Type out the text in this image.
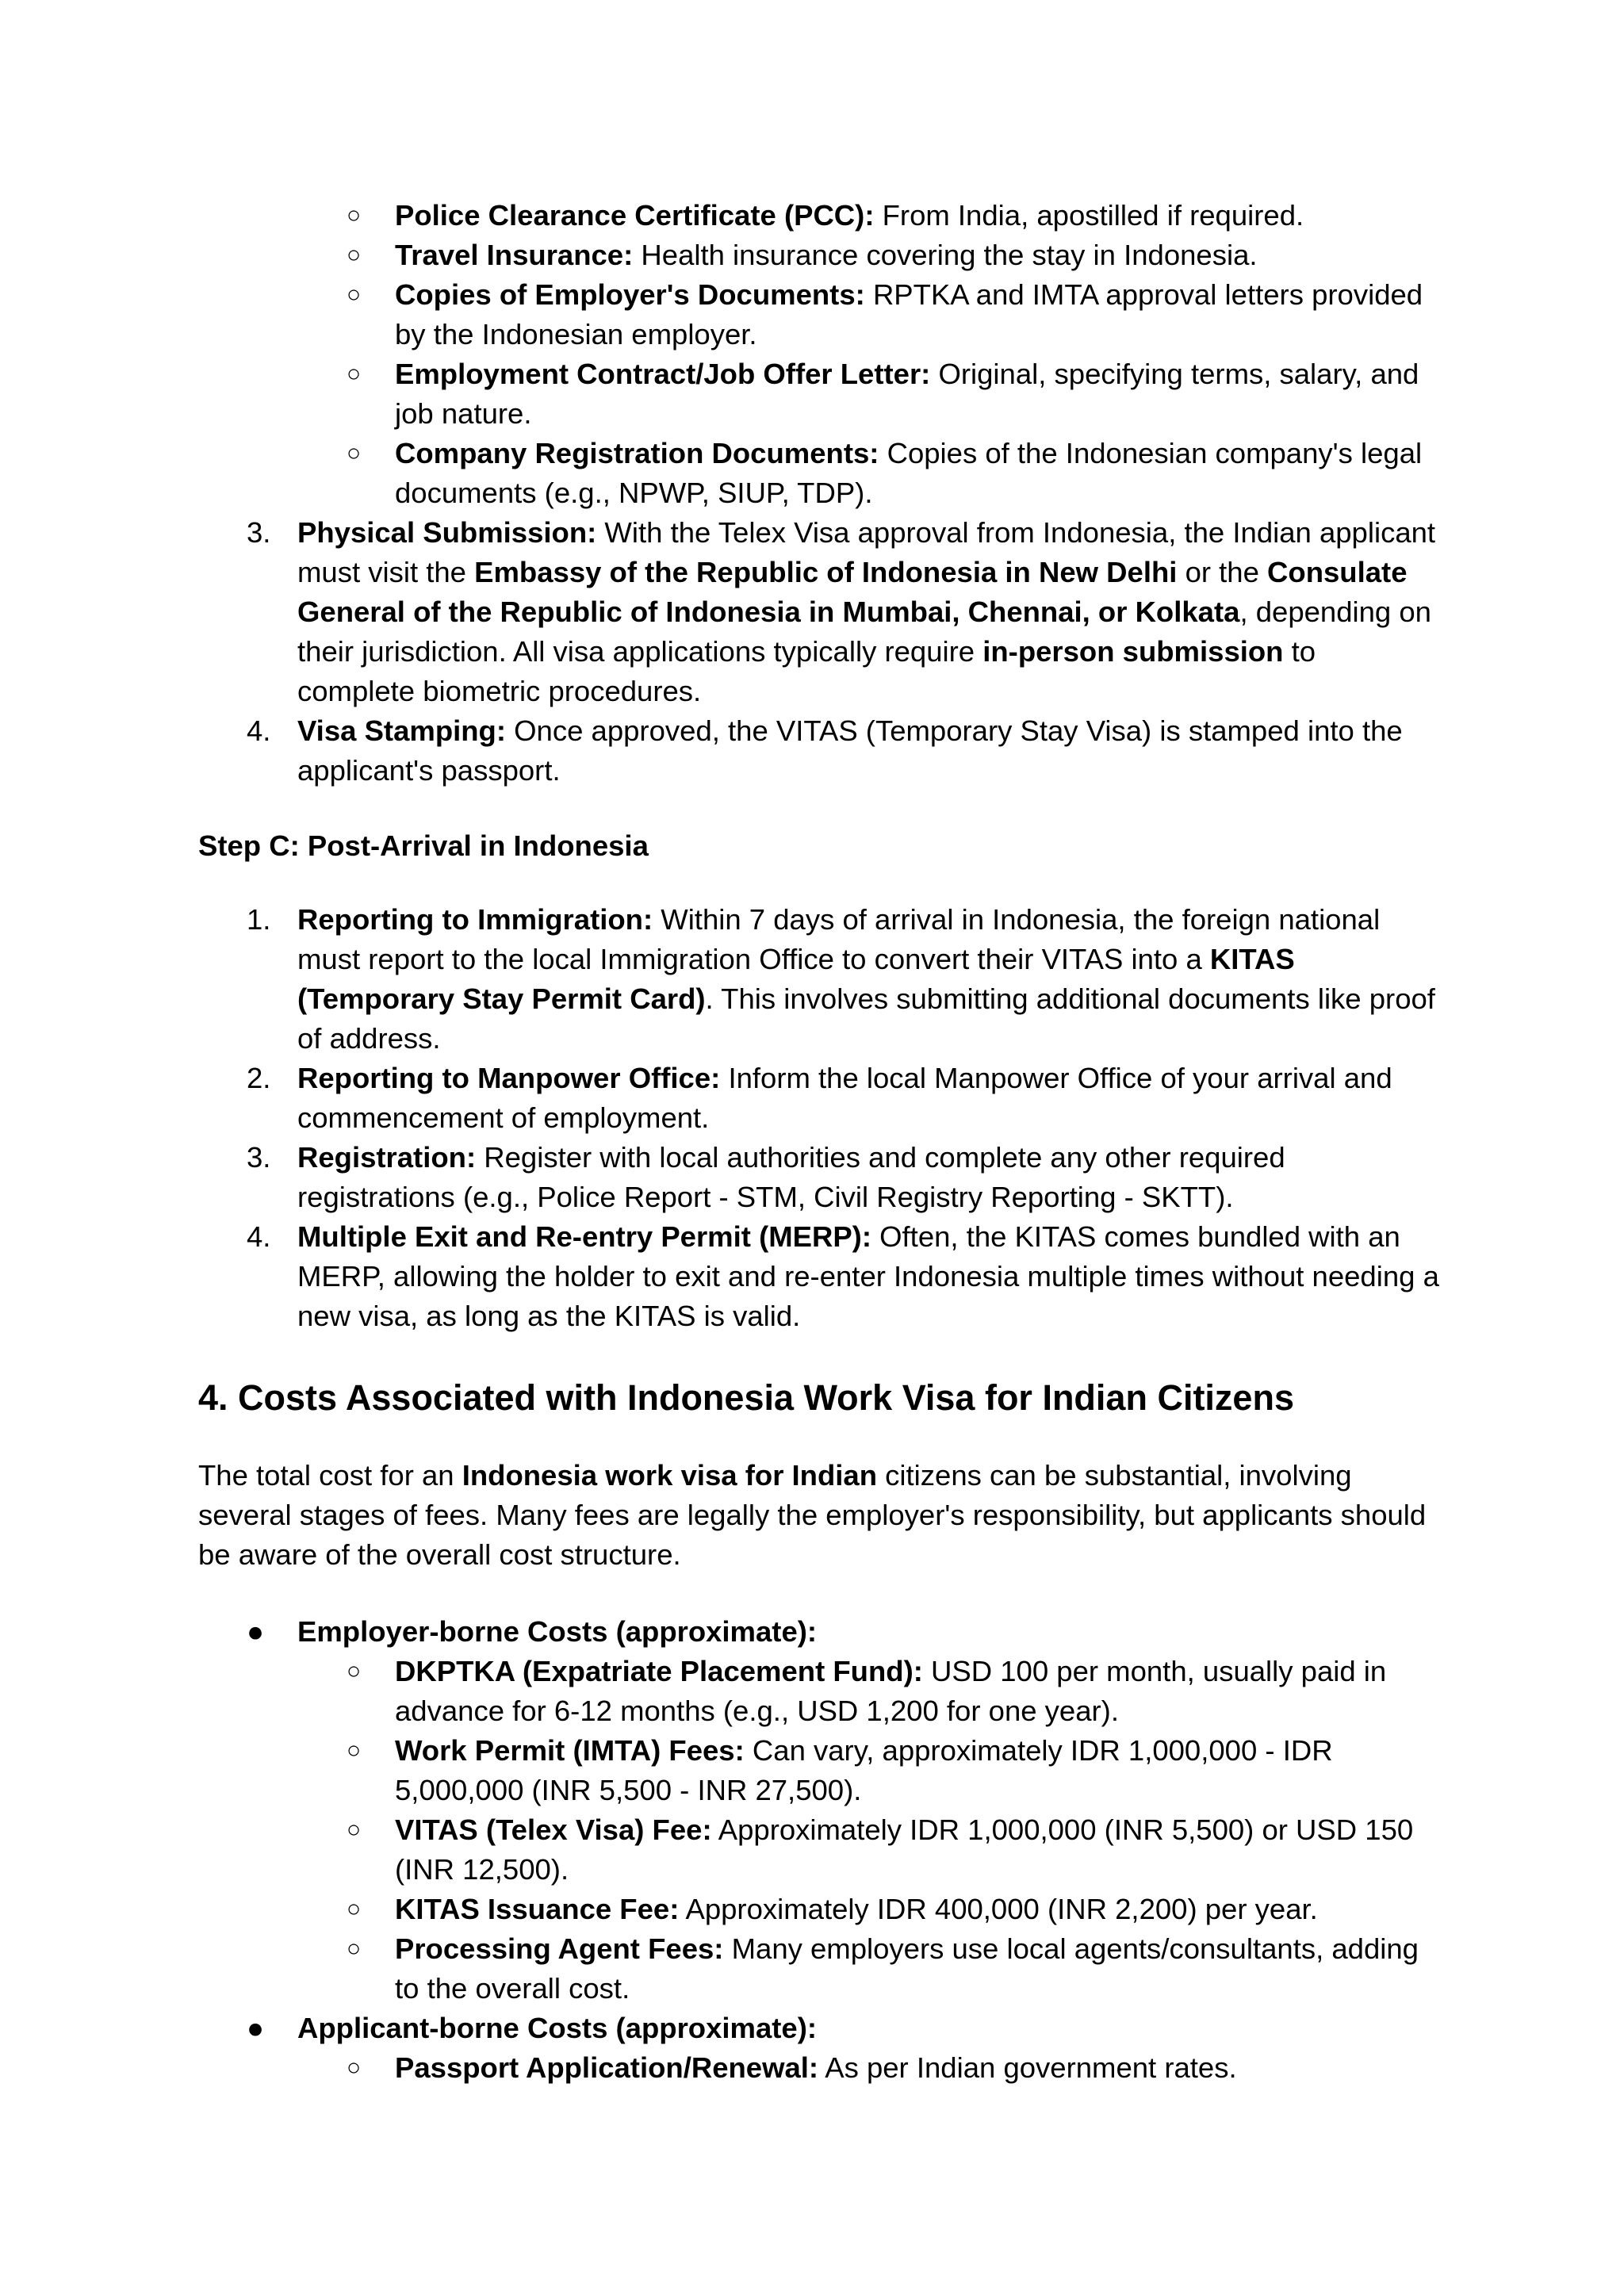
○ Police Clearance Certificate (PCC): From India, apostilled if required.
○ Travel Insurance: Health insurance covering the stay in Indonesia.
○ Copies of Employer's Documents: RPTKA and IMTA approval letters provided by the Indonesian employer.
○ Employment Contract/Job Offer Letter: Original, specifying terms, salary, and job nature.
○ Company Registration Documents: Copies of the Indonesian company's legal documents (e.g., NPWP, SIUP, TDP).
3. Physical Submission: With the Telex Visa approval from Indonesia, the Indian applicant must visit the Embassy of the Republic of Indonesia in New Delhi or the Consulate General of the Republic of Indonesia in Mumbai, Chennai, or Kolkata, depending on their jurisdiction. All visa applications typically require in-person submission to complete biometric procedures.
4. Visa Stamping: Once approved, the VITAS (Temporary Stay Visa) is stamped into the applicant's passport.
Step C: Post-Arrival in Indonesia
1. Reporting to Immigration: Within 7 days of arrival in Indonesia, the foreign national must report to the local Immigration Office to convert their VITAS into a KITAS (Temporary Stay Permit Card). This involves submitting additional documents like proof of address.
2. Reporting to Manpower Office: Inform the local Manpower Office of your arrival and commencement of employment.
3. Registration: Register with local authorities and complete any other required registrations (e.g., Police Report - STM, Civil Registry Reporting - SKTT).
4. Multiple Exit and Re-entry Permit (MERP): Often, the KITAS comes bundled with an MERP, allowing the holder to exit and re-enter Indonesia multiple times without needing a new visa, as long as the KITAS is valid.
4. Costs Associated with Indonesia Work Visa for Indian Citizens
The total cost for an Indonesia work visa for Indian citizens can be substantial, involving several stages of fees. Many fees are legally the employer's responsibility, but applicants should be aware of the overall cost structure.
● Employer-borne Costs (approximate):
○ DKPTKA (Expatriate Placement Fund): USD 100 per month, usually paid in advance for 6-12 months (e.g., USD 1,200 for one year).
○ Work Permit (IMTA) Fees: Can vary, approximately IDR 1,000,000 - IDR 5,000,000 (INR 5,500 - INR 27,500).
○ VITAS (Telex Visa) Fee: Approximately IDR 1,000,000 (INR 5,500) or USD 150 (INR 12,500).
○ KITAS Issuance Fee: Approximately IDR 400,000 (INR 2,200) per year.
○ Processing Agent Fees: Many employers use local agents/consultants, adding to the overall cost.
● Applicant-borne Costs (approximate):
○ Passport Application/Renewal: As per Indian government rates.
